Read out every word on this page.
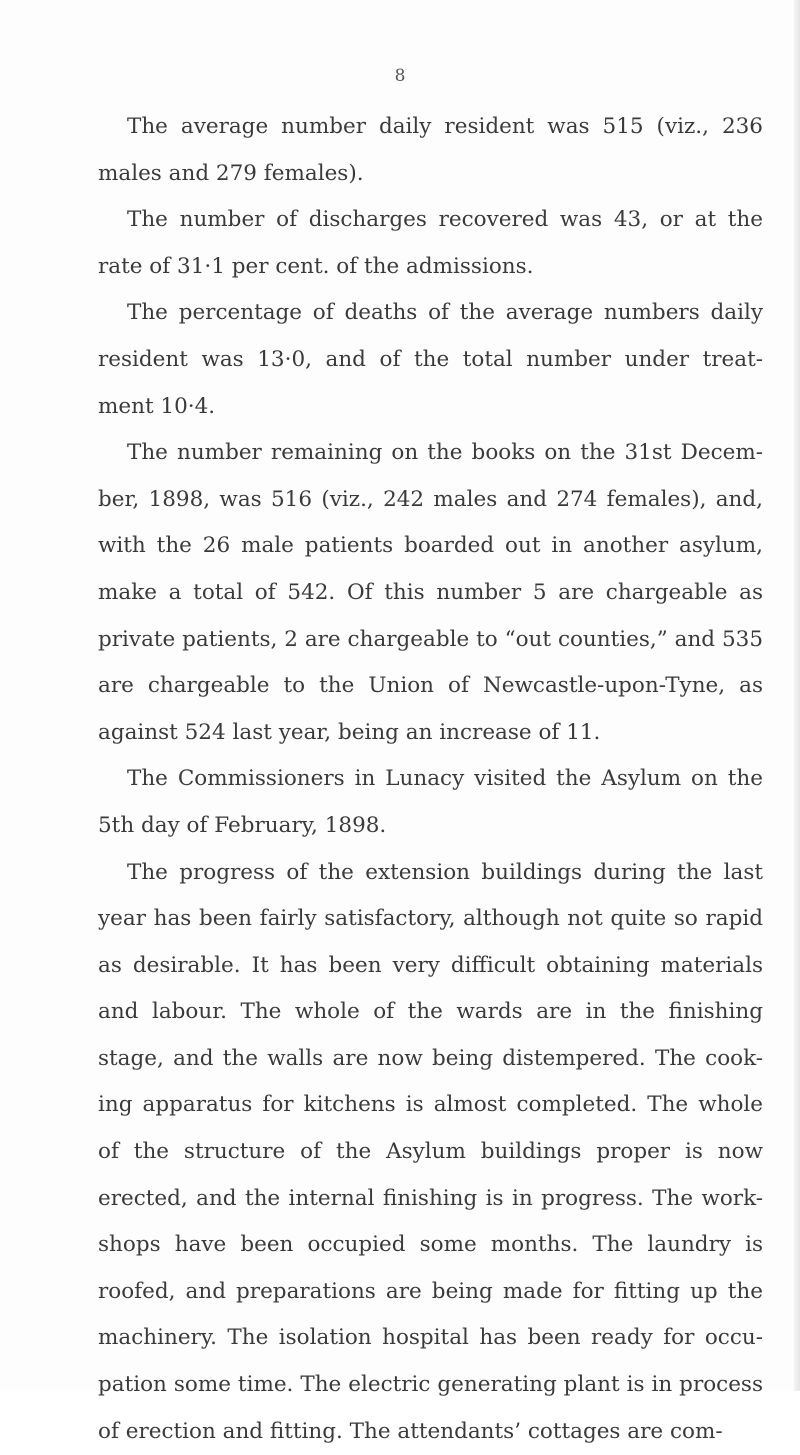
8

The average number daily resident was 515 (viz., 236 males and 279 females).

The number of discharges recovered was 43, or at the rate of 31·1 per cent. of the admissions.

The percentage of deaths of the average numbers daily resident was 13·0, and of the total number under treat- ment 10·4.

The number remaining on the books on the 31st Decem- ber, 1898, was 516 (viz., 242 males and 274 females), and, with the 26 male patients boarded out in another asylum, make a total of 542. Of this number 5 are chargeable as private patients, 2 are chargeable to “out counties,” and 535 are chargeable to the Union of Newcastle-upon-Tyne, as against 524 last year, being an increase of 11.

The Commissioners in Lunacy visited the Asylum on the 5th day of February, 1898.

The progress of the extension buildings during the last year has been fairly satisfactory, although not quite so rapid as desirable. It has been very difficult obtaining materials and labour. The whole of the wards are in the finishing stage, and the walls are now being distempered. The cook- ing apparatus for kitchens is almost completed. The whole of the structure of the Asylum buildings proper is now erected, and the internal finishing is in progress. The work- shops have been occupied some months. The laundry is roofed, and preparations are being made for fitting up the machinery. The isolation hospital has been ready for occu- pation some time. The electric generating plant is in process of erection and fitting. The attendants’ cottages are com-
